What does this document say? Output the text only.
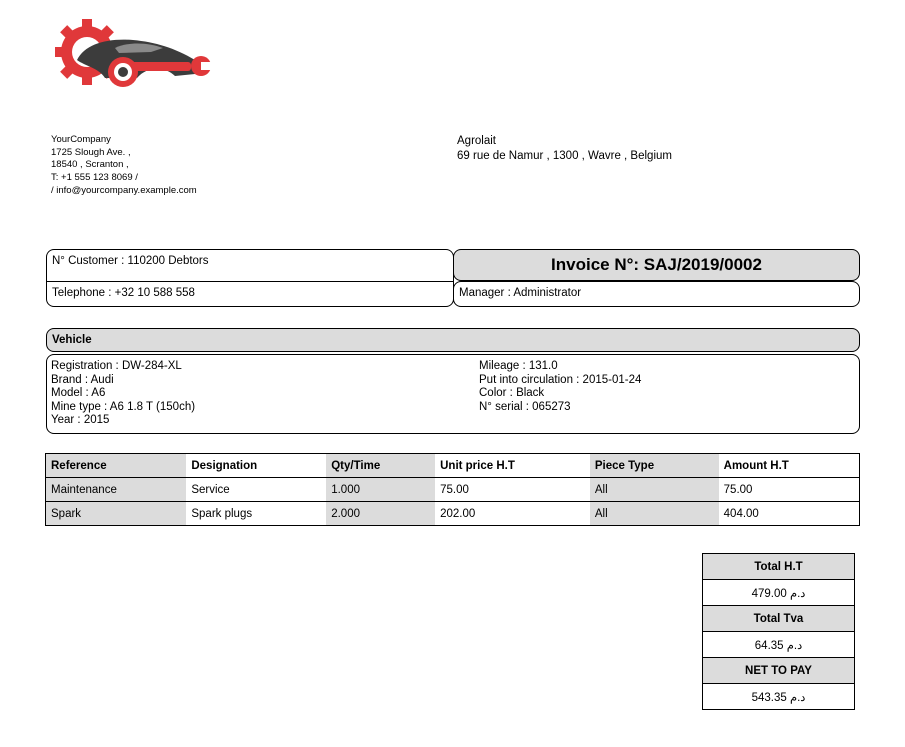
YourCompany
1725 Slough Ave. ,
18540 , Scranton ,
T: +1 555 123 8069 /
/ info@yourcompany.example.com
Agrolait
69 rue de Namur , 1300 , Wavre , Belgium
N° Customer : 110200 Debtors
Telephone : +32 10 588 558
Invoice N°: SAJ/2019/0002
Manager : Administrator
Vehicle
Registration : DW-284-XL
Brand : Audi
Model : A6
Mine type : A6 1.8 T (150ch)
Year : 2015
Mileage : 131.0
Put into circulation : 2015-01-24
Color : Black
N° serial : 065273
Reference	Designation	Qty/Time	Unit price H.T	Piece Type	Amount H.T
Maintenance	Service	1.000	75.00	All	75.00
Spark	Spark plugs	2.000	202.00	All	404.00
Total H.T
479.00 د.م
Total Tva
64.35 د.م
NET TO PAY
543.35 د.م
